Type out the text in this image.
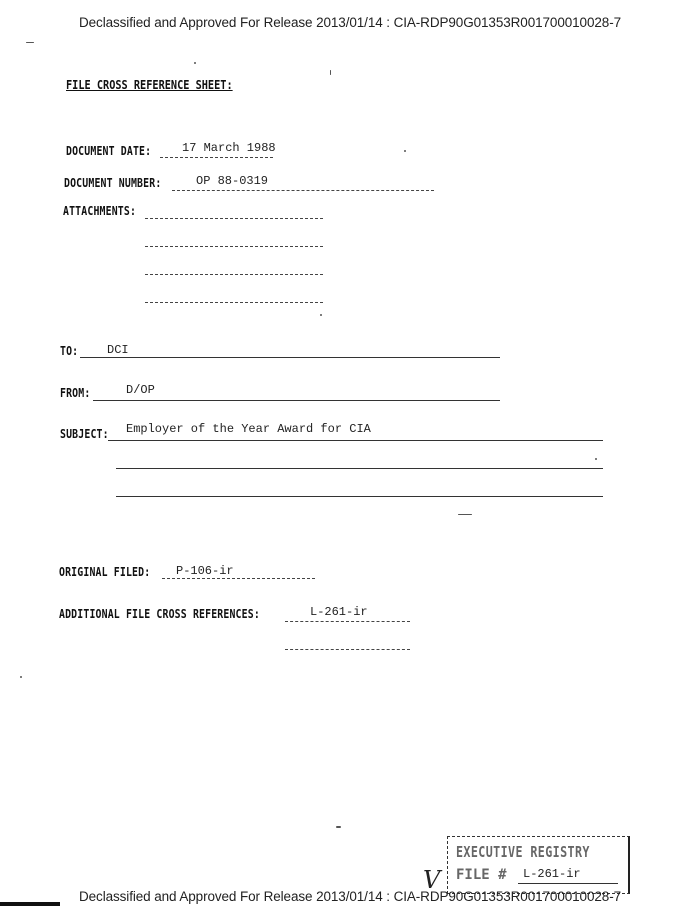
Declassified and Approved For Release 2013/01/14 : CIA-RDP90G01353R001700010028-7
FILE CROSS REFERENCE SHEET:
DOCUMENT DATE:	17 March 1988
DOCUMENT NUMBER:	OP 88-0319
ATTACHMENTS:
TO: DCI
FROM:	D/OP
SUBJECT: Employer of the Year Award for CIA
ORIGINAL FILED: P-106-ir
ADDITIONAL FILE CROSS REFERENCES:	L-261-ir
V
EXECUTIVE REGISTRY
FILE # L-261-ir
Declassified and Approved For Release 2013/01/14 : CIA-RDP90G01353R001700010028-7
